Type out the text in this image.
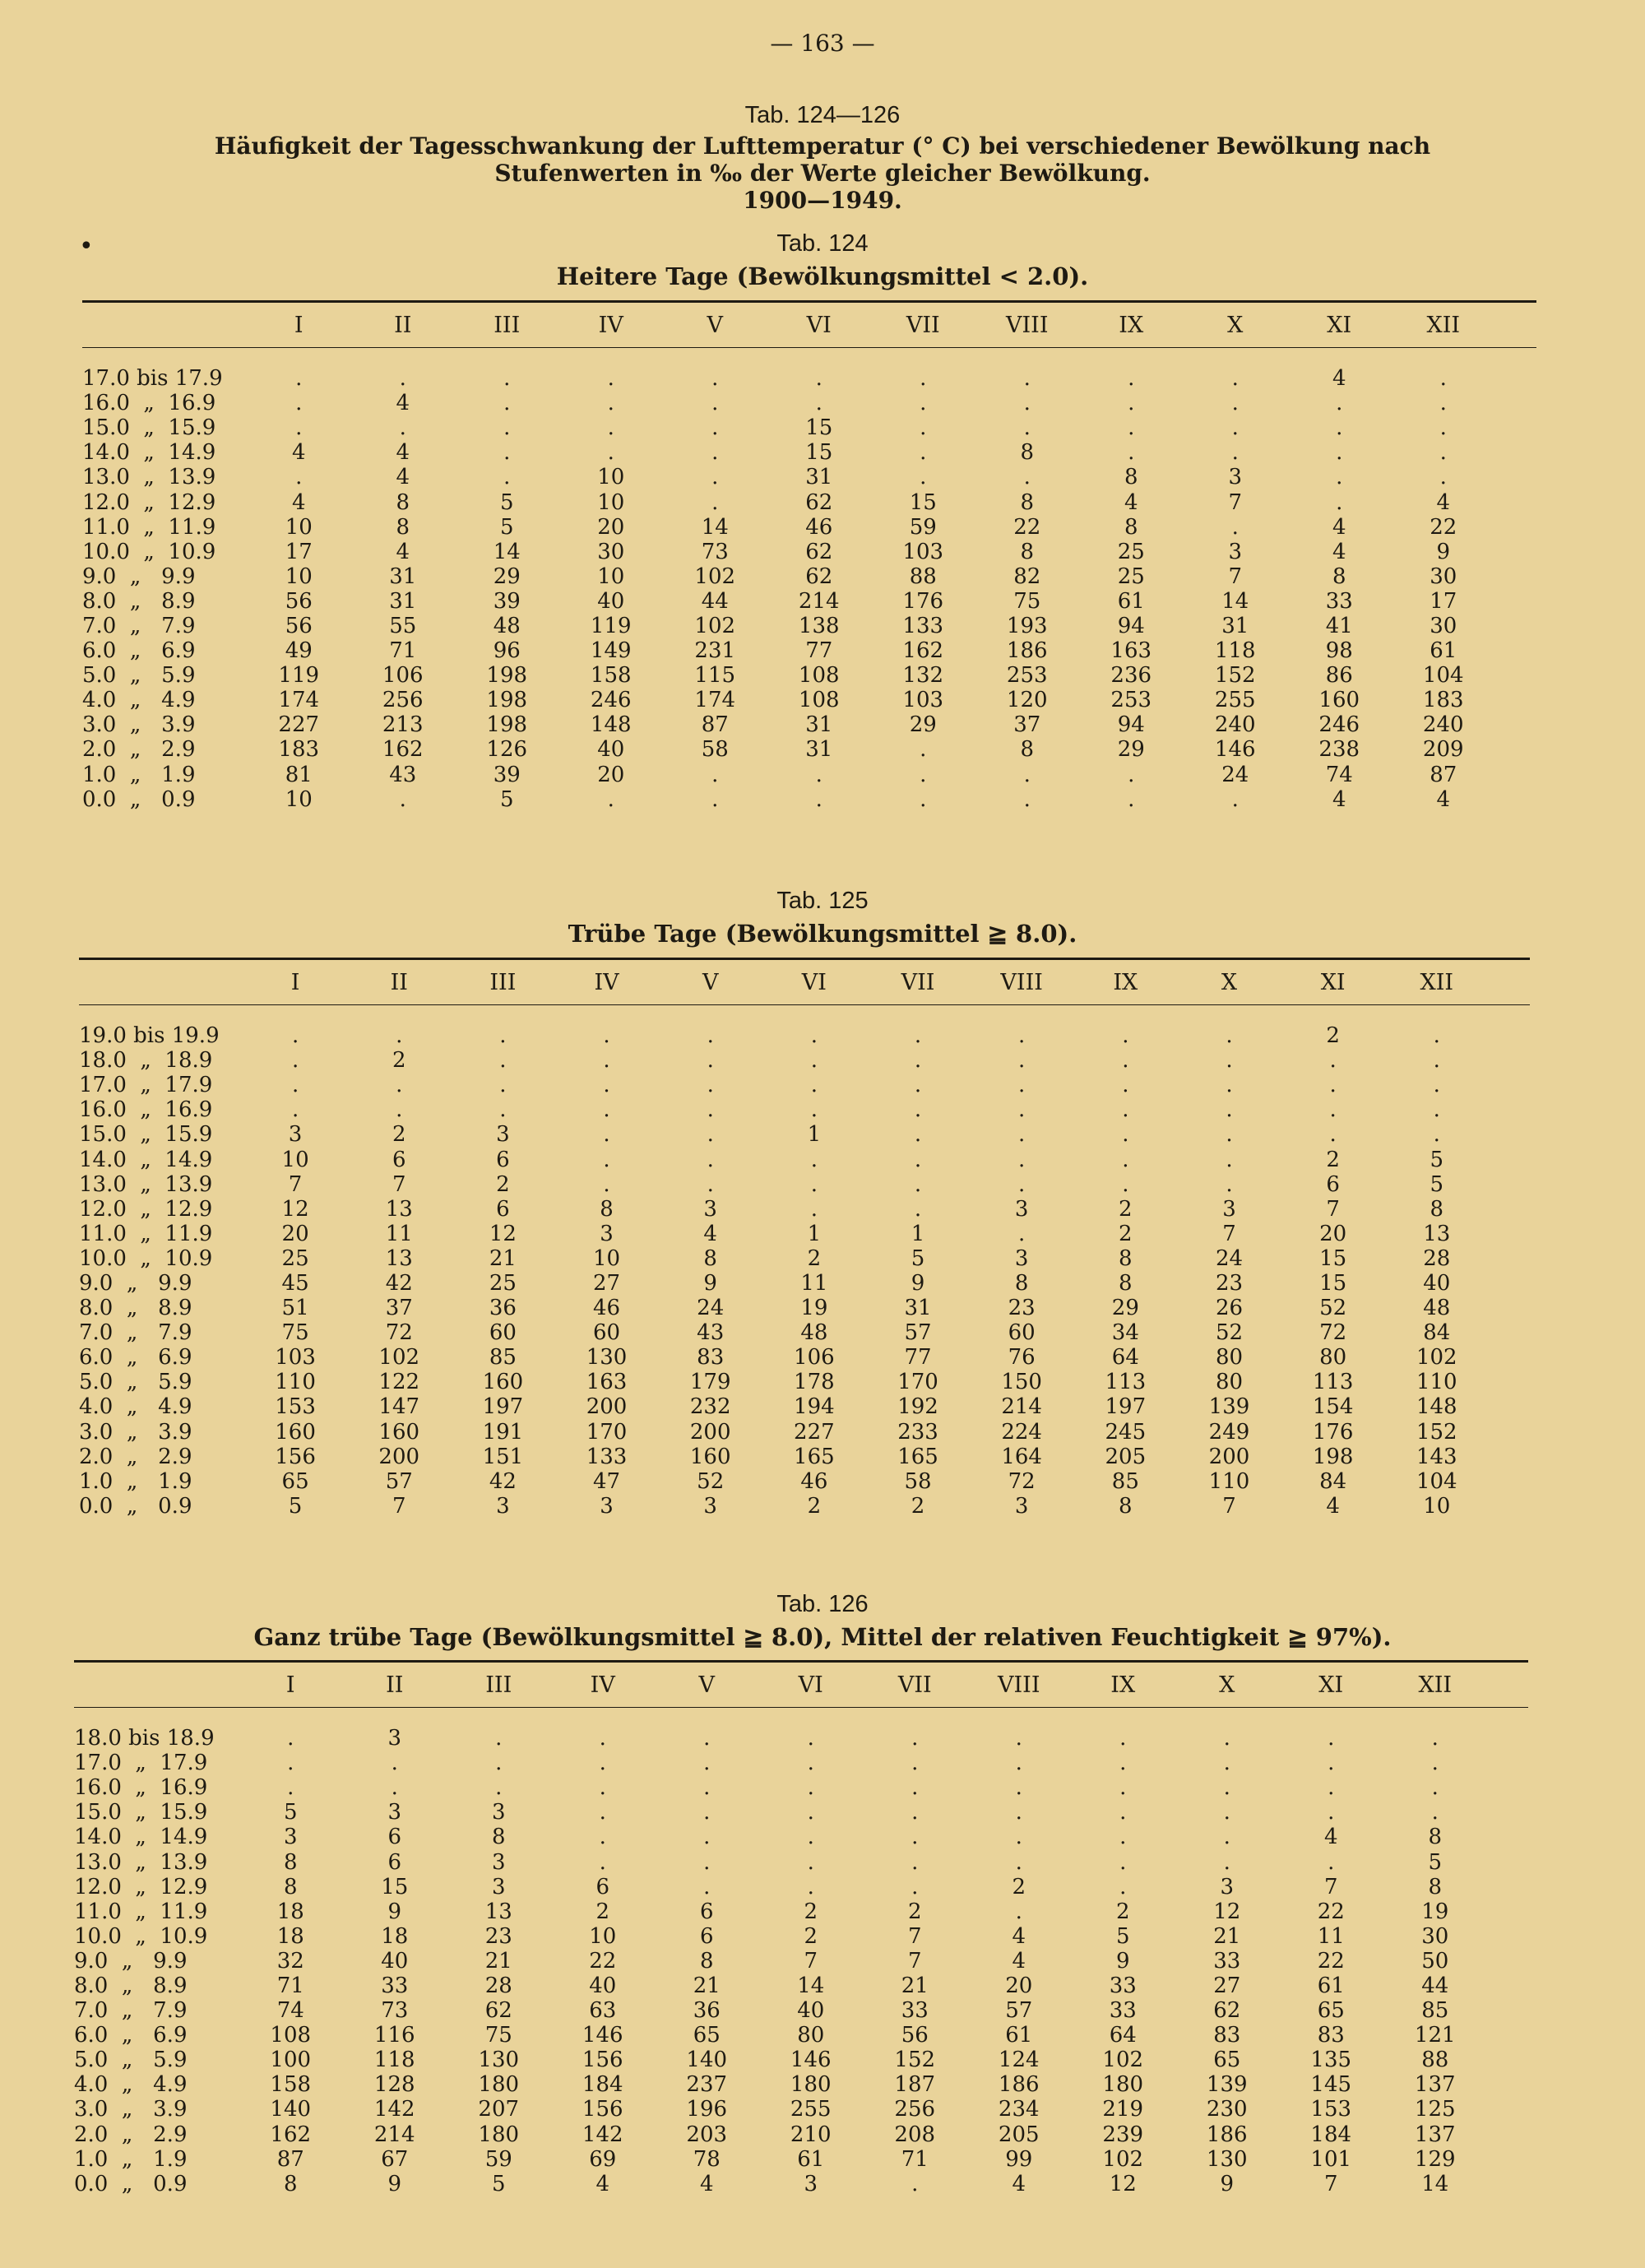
— 163 —
Tab. 124—126
Häufigkeit der Tagesschwankung der Lufttemperatur (° C) bei verschiedener Bewölkung nach
Stufenwerten in ‰ der Werte gleicher Bewölkung.
1900—1949.
•	Tab. 124
Heitere Tage (Bewölkungsmittel < 2.0).
	I	II	III	IV	V	VI	VII	VIII	IX	X	XI	XII	
17.0 bis 17.9	.	.	.	.	.	.	.	.	.	.	4	.	
16.0  „  16.9	.	4	.	.	.	.	.	.	.	.	.	.	
15.0  „  15.9	.	.	.	.	.	15	.	.	.	.	.	.	
14.0  „  14.9	4	4	.	.	.	15	.	8	.	.	.	.	
13.0  „  13.9	.	4	.	10	.	31	.	.	8	3	.	.	
12.0  „  12.9	4	8	5	10	.	62	15	8	4	7	.	4	
11.0  „  11.9	10	8	5	20	14	46	59	22	8	.	4	22	
10.0  „  10.9	17	4	14	30	73	62	103	8	25	3	4	9	
9.0  „   9.9	10	31	29	10	102	62	88	82	25	7	8	30	
8.0  „   8.9	56	31	39	40	44	214	176	75	61	14	33	17	
7.0  „   7.9	56	55	48	119	102	138	133	193	94	31	41	30	
6.0  „   6.9	49	71	96	149	231	77	162	186	163	118	98	61	
5.0  „   5.9	119	106	198	158	115	108	132	253	236	152	86	104	
4.0  „   4.9	174	256	198	246	174	108	103	120	253	255	160	183	
3.0  „   3.9	227	213	198	148	87	31	29	37	94	240	246	240	
2.0  „   2.9	183	162	126	40	58	31	.	8	29	146	238	209	
1.0  „   1.9	81	43	39	20	.	.	.	.	.	24	74	87	
0.0  „   0.9	10	.	5	.	.	.	.	.	.	.	4	4	
Tab. 125
Trübe Tage (Bewölkungsmittel ≧ 8.0).
	I	II	III	IV	V	VI	VII	VIII	IX	X	XI	XII	
19.0 bis 19.9	.	.	.	.	.	.	.	.	.	.	2	.	
18.0  „  18.9	.	2	.	.	.	.	.	.	.	.	.	.	
17.0  „  17.9	.	.	.	.	.	.	.	.	.	.	.	.	
16.0  „  16.9	.	.	.	.	.	.	.	.	.	.	.	.	
15.0  „  15.9	3	2	3	.	.	1	.	.	.	.	.	.	
14.0  „  14.9	10	6	6	.	.	.	.	.	.	.	2	5	
13.0  „  13.9	7	7	2	.	.	.	.	.	.	.	6	5	
12.0  „  12.9	12	13	6	8	3	.	.	3	2	3	7	8	
11.0  „  11.9	20	11	12	3	4	1	1	.	2	7	20	13	
10.0  „  10.9	25	13	21	10	8	2	5	3	8	24	15	28	
9.0  „   9.9	45	42	25	27	9	11	9	8	8	23	15	40	
8.0  „   8.9	51	37	36	46	24	19	31	23	29	26	52	48	
7.0  „   7.9	75	72	60	60	43	48	57	60	34	52	72	84	
6.0  „   6.9	103	102	85	130	83	106	77	76	64	80	80	102	
5.0  „   5.9	110	122	160	163	179	178	170	150	113	80	113	110	
4.0  „   4.9	153	147	197	200	232	194	192	214	197	139	154	148	
3.0  „   3.9	160	160	191	170	200	227	233	224	245	249	176	152	
2.0  „   2.9	156	200	151	133	160	165	165	164	205	200	198	143	
1.0  „   1.9	65	57	42	47	52	46	58	72	85	110	84	104	
0.0  „   0.9	5	7	3	3	3	2	2	3	8	7	4	10	
Tab. 126
Ganz trübe Tage (Bewölkungsmittel ≧ 8.0), Mittel der relativen Feuchtigkeit ≧ 97%).
	I	II	III	IV	V	VI	VII	VIII	IX	X	XI	XII	
18.0 bis 18.9	.	3	.	.	.	.	.	.	.	.	.	.	
17.0  „  17.9	.	.	.	.	.	.	.	.	.	.	.	.	
16.0  „  16.9	.	.	.	.	.	.	.	.	.	.	.	.	
15.0  „  15.9	5	3	3	.	.	.	.	.	.	.	.	.	
14.0  „  14.9	3	6	8	.	.	.	.	.	.	.	4	8	
13.0  „  13.9	8	6	3	.	.	.	.	.	.	.	.	5	
12.0  „  12.9	8	15	3	6	.	.	.	2	.	3	7	8	
11.0  „  11.9	18	9	13	2	6	2	2	.	2	12	22	19	
10.0  „  10.9	18	18	23	10	6	2	7	4	5	21	11	30	
9.0  „   9.9	32	40	21	22	8	7	7	4	9	33	22	50	
8.0  „   8.9	71	33	28	40	21	14	21	20	33	27	61	44	
7.0  „   7.9	74	73	62	63	36	40	33	57	33	62	65	85	
6.0  „   6.9	108	116	75	146	65	80	56	61	64	83	83	121	
5.0  „   5.9	100	118	130	156	140	146	152	124	102	65	135	88	
4.0  „   4.9	158	128	180	184	237	180	187	186	180	139	145	137	
3.0  „   3.9	140	142	207	156	196	255	256	234	219	230	153	125	
2.0  „   2.9	162	214	180	142	203	210	208	205	239	186	184	137	
1.0  „   1.9	87	67	59	69	78	61	71	99	102	130	101	129	
0.0  „   0.9	8	9	5	4	4	3	.	4	12	9	7	14	
